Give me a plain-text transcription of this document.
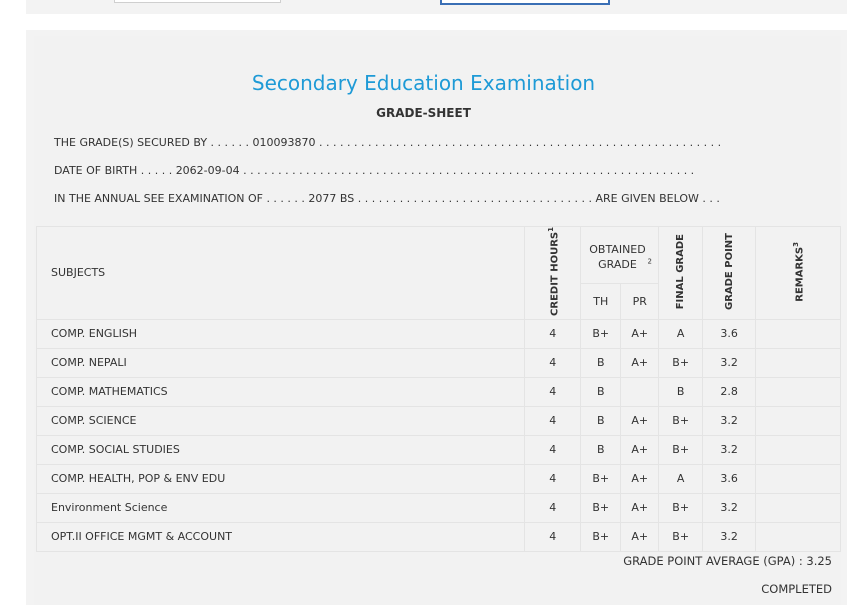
Secondary Education Examination
GRADE-SHEET
THE GRADE(S) SECURED BY . . . . . . 010093870 . . . . . . . . . . . . . . . . . . . . . . . . . . . . . . . . . . . . . . . . . . . . . . . . . . . . . . . . . .
DATE OF BIRTH . . . . . 2062-09-04 . . . . . . . . . . . . . . . . . . . . . . . . . . . . . . . . . . . . . . . . . . . . . . . . . . . . . . . . . . . . . . . . .
IN THE ANNUAL SEE EXAMINATION OF . . . . . . 2077 BS . . . . . . . . . . . . . . . . . . . . . . . . . . . . . . . . . . ARE GIVEN BELOW . . .
SUBJECTS	CREDIT HOURS$^1$	OBTAINED GRADE $^2$		FINAL GRADE	GRADE POINT	REMARKS$^3$
		TH	PR			
COMP. ENGLISH	4	B+	A+	A	3.6	
COMP. NEPALI	4	B	A+	B+	3.2	
COMP. MATHEMATICS	4	B		B	2.8	
COMP. SCIENCE	4	B	A+	B+	3.2	
COMP. SOCIAL STUDIES	4	B	A+	B+	3.2	
COMP. HEALTH, POP & ENV EDU	4	B+	A+	A	3.6	
Environment Science	4	B+	A+	B+	3.2	
OPT.II OFFICE MGMT & ACCOUNT	4	B+	A+	B+	3.2	
GRADE POINT AVERAGE (GPA) : 3.25
COMPLETED
